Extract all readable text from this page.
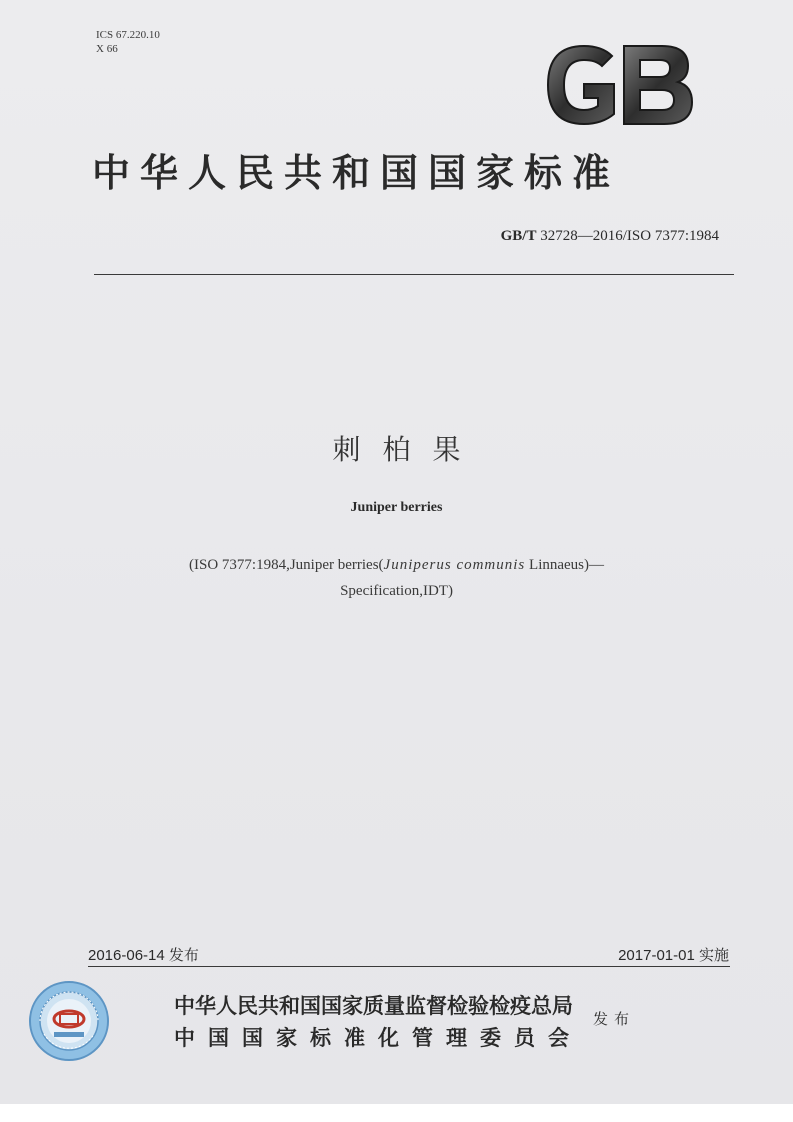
ICS 67.220.10
X 66
中华人民共和国国家标准
GB/T 32728—2016/ISO 7377:1984
刺柏果
Juniper berries
(ISO 7377:1984,Juniper berries(Juniperus communis Linnaeus)—
Specification,IDT)
2016-06-14 发布	2017-01-01 实施
中华人民共和国国家质量监督检验检疫总局
中国国家标准化管理委员会
发布
